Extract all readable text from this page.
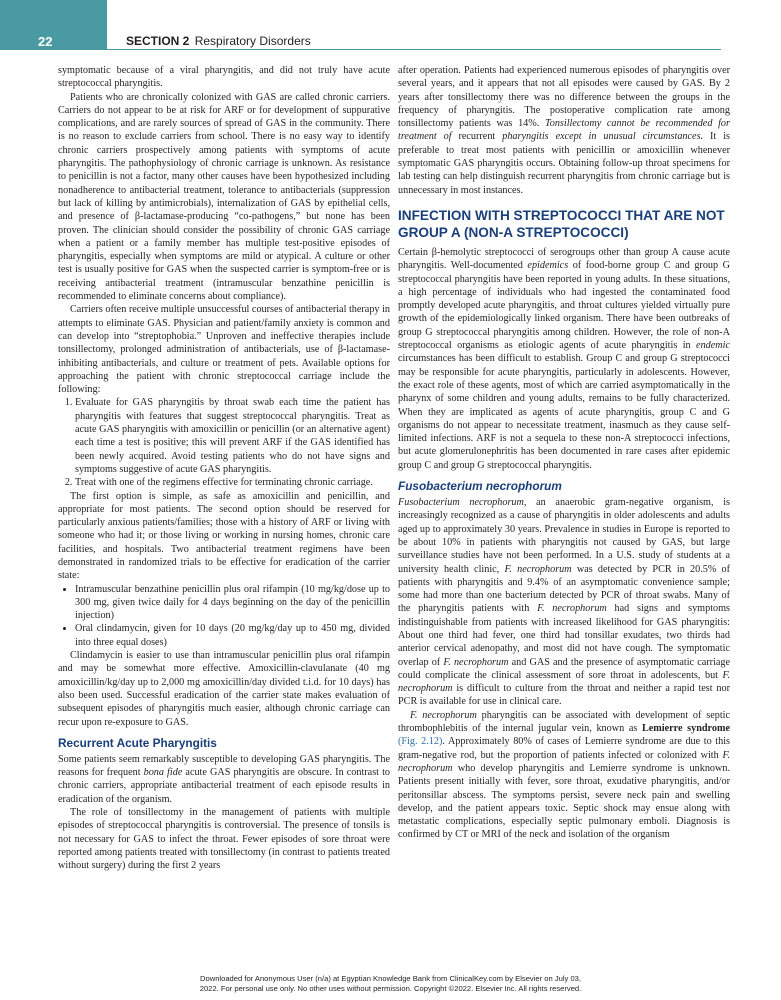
22	SECTION 2 Respiratory Disorders

symptomatic because of a viral pharyngitis, and did not truly have acute streptococcal pharyngitis.

Patients who are chronically colonized with GAS are called chronic carriers. Carriers do not appear to be at risk for ARF or for development of suppurative complications, and are rarely sources of spread of GAS in the community. There is no reason to exclude carriers from school. There is no easy way to identify chronic carriers prospectively among patients with symptoms of acute pharyngitis. The pathophysiology of chronic carriage is unknown. As resistance to penicillin is not a factor, many other causes have been hypothesized including nonadherence to antibacterial treatment, tolerance to antibacterials (suppression but lack of killing by antimicrobials), internalization of GAS by epithelial cells, and presence of β-lactamase-producing “co-pathogens,” but none has been proven. The clinician should consider the possibility of chronic GAS carriage when a patient or a family member has multiple test-positive episodes of pharyngitis, especially when symptoms are mild or atypical. A culture or other test is usually positive for GAS when the suspected carrier is symptom-free or is receiving antibacterial treatment (intramuscular benzathine penicillin is recommended to eliminate concerns about compliance).

Carriers often receive multiple unsuccessful courses of antibacterial therapy in attempts to eliminate GAS. Physician and patient/family anxiety is common and can develop into “streptophobia.” Unproven and ineffective therapies include tonsillectomy, prolonged administration of antibacterials, use of β-lactamase-inhibiting antibacterials, and culture or treatment of pets. Available options for approaching the patient with chronic streptococcal carriage include the following:

1. Evaluate for GAS pharyngitis by throat swab each time the patient has pharyngitis with features that suggest streptococcal pharyngitis. Treat as acute GAS pharyngitis with amoxicillin or penicillin (or an alternative agent) each time a test is positive; this will prevent ARF if the GAS identified has been newly acquired. Avoid testing patients who do not have signs and symptoms suggestive of acute GAS pharyngitis.
2. Treat with one of the regimens effective for terminating chronic carriage.

The first option is simple, as safe as amoxicillin and penicillin, and appropriate for most patients. The second option should be reserved for particularly anxious patients/families; those with a history of ARF or living with someone who had it; or those living or working in nursing homes, chronic care facilities, and hospitals. Two antibacterial treatment regimens have been demonstrated in randomized trials to be effective for eradication of the carrier state:

• Intramuscular benzathine penicillin plus oral rifampin (10 mg/kg/dose up to 300 mg, given twice daily for 4 days beginning on the day of the penicillin injection)
• Oral clindamycin, given for 10 days (20 mg/kg/day up to 450 mg, divided into three equal doses)

Clindamycin is easier to use than intramuscular penicillin plus oral rifampin and may be somewhat more effective. Amoxicillin-clavulanate (40 mg amoxicillin/kg/day up to 2,000 mg amoxicillin/day divided t.i.d. for 10 days) has also been used. Successful eradication of the carrier state makes evaluation of subsequent episodes of pharyngitis much easier, although chronic carriage can recur upon re-exposure to GAS.

Recurrent Acute Pharyngitis

Some patients seem remarkably susceptible to developing GAS pharyngitis. The reasons for frequent bona fide acute GAS pharyngitis are obscure. In contrast to chronic carriers, appropriate antibacterial treatment of each episode results in eradication of the organism.

The role of tonsillectomy in the management of patients with multiple episodes of streptococcal pharyngitis is controversial. The presence of tonsils is not necessary for GAS to infect the throat. Fewer episodes of sore throat were reported among patients treated with tonsillectomy (in contrast to patients treated without surgery) during the first 2 years

after operation. Patients had experienced numerous episodes of pharyngitis over several years, and it appears that not all episodes were caused by GAS. By 2 years after tonsillectomy there was no difference between the groups in the frequency of pharyngitis. The postoperative complication rate among tonsillectomy patients was 14%. Tonsillectomy cannot be recommended for treatment of recurrent pharyngitis except in unusual circumstances. It is preferable to treat most patients with penicillin or amoxicillin whenever symptomatic GAS pharyngitis occurs. Obtaining follow-up throat specimens for lab testing can help distinguish recurrent pharyngitis from chronic carriage but is unnecessary in most instances.

INFECTION WITH STREPTOCOCCI THAT ARE NOT GROUP A (NON-A STREPTOCOCCI)

Certain β-hemolytic streptococci of serogroups other than group A cause acute pharyngitis. Well-documented epidemics of food-borne group C and group G streptococcal pharyngitis have been reported in young adults. In these situations, a high percentage of individuals who had ingested the contaminated food promptly developed acute pharyngitis, and throat cultures yielded virtually pure growth of the epidemiologically linked organism. There have been outbreaks of group G streptococcal pharyngitis among children. However, the role of non-A streptococcal organisms as etiologic agents of acute pharyngitis in endemic circumstances has been difficult to establish. Group C and group G streptococci may be responsible for acute pharyngitis, particularly in adolescents. However, the exact role of these agents, most of which are carried asymptomatically in the pharynx of some children and young adults, remains to be fully characterized. When they are implicated as agents of acute pharyngitis, group C and G organisms do not appear to necessitate treatment, inasmuch as they cause self-limited infections. ARF is not a sequela to these non-A streptococci infections, but acute glomerulonephritis has been documented in rare cases after epidemic group C and group G streptococcal pharyngitis.

Fusobacterium necrophorum

Fusobacterium necrophorum, an anaerobic gram-negative organism, is increasingly recognized as a cause of pharyngitis in older adolescents and adults aged up to approximately 30 years. Prevalence in studies in Europe is reported to be about 10% in patients with pharyngitis not caused by GAS, but large surveillance studies have not been performed. In a U.S. study of students at a university health clinic, F. necrophorum was detected by PCR in 20.5% of patients with pharyngitis and 9.4% of an asymptomatic convenience sample; some had more than one bacterium detected by PCR of throat swabs. Many of the pharyngitis patients with F. necrophorum had signs and symptoms indistinguishable from patients with increased likelihood for GAS pharyngitis: About one third had fever, one third had tonsillar exudates, two thirds had anterior cervical adenopathy, and most did not have cough. The symptomatic overlap of F. necrophorum and GAS and the presence of asymptomatic carriage could complicate the clinical assessment of sore throat in adolescents, but F. necrophorum is difficult to culture from the throat and neither a rapid test nor PCR is available for use in clinical care.

F. necrophorum pharyngitis can be associated with development of septic thrombophlebitis of the internal jugular vein, known as Lemierre syndrome (Fig. 2.12). Approximately 80% of cases of Lemierre syndrome are due to this gram-negative rod, but the proportion of patients infected or colonized with F. necrophorum who develop pharyngitis and Lemierre syndrome is unknown. Patients present initially with fever, sore throat, exudative pharyngitis, and/or peritonsillar abscess. The symptoms persist, severe neck pain and swelling develop, and the patient appears toxic. Septic shock may ensue along with metastatic complications, especially septic pulmonary emboli. Diagnosis is confirmed by CT or MRI of the neck and isolation of the organism

Downloaded for Anonymous User (n/a) at Egyptian Knowledge Bank from ClinicalKey.com by Elsevier on July 03,
2022. For personal use only. No other uses without permission. Copyright ©2022. Elsevier Inc. All rights reserved.
